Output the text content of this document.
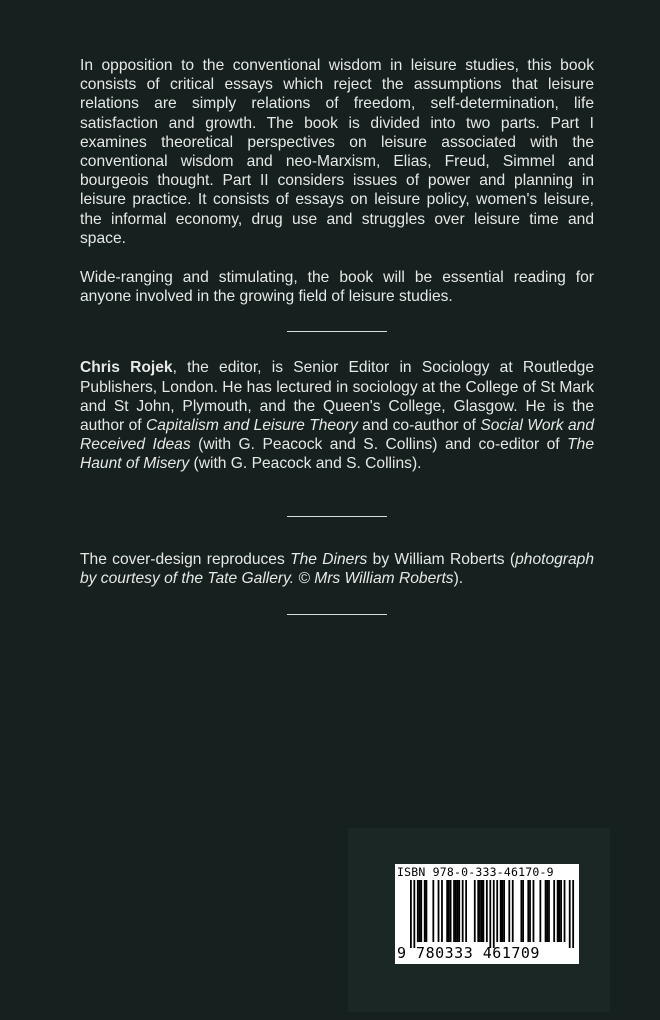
In opposition to the conventional wisdom in leisure studies, this book consists of critical essays which reject the assumptions that leisure relations are simply relations of freedom, self-determination, life satisfaction and growth. The book is divided into two parts. Part I examines theoretical perspectives on leisure associated with the conventional wisdom and neo-Marxism, Elias, Freud, Simmel and bourgeois thought. Part II considers issues of power and planning in leisure practice. It consists of essays on leisure policy, women's leisure, the informal economy, drug use and struggles over leisure time and space.

Wide-ranging and stimulating, the book will be essential reading for anyone involved in the growing field of leisure studies.

Chris Rojek, the editor, is Senior Editor in Sociology at Routledge Publishers, London. He has lectured in sociology at the College of St Mark and St John, Plymouth, and the Queen's College, Glasgow. He is the author of Capitalism and Leisure Theory and co-author of Social Work and Received Ideas (with G. Peacock and S. Collins) and co-editor of The Haunt of Misery (with G. Peacock and S. Collins).

The cover-design reproduces The Diners by William Roberts (photograph by courtesy of the Tate Gallery. © Mrs William Roberts).

ISBN 978-0-333-46170-9
9 780333 461709
